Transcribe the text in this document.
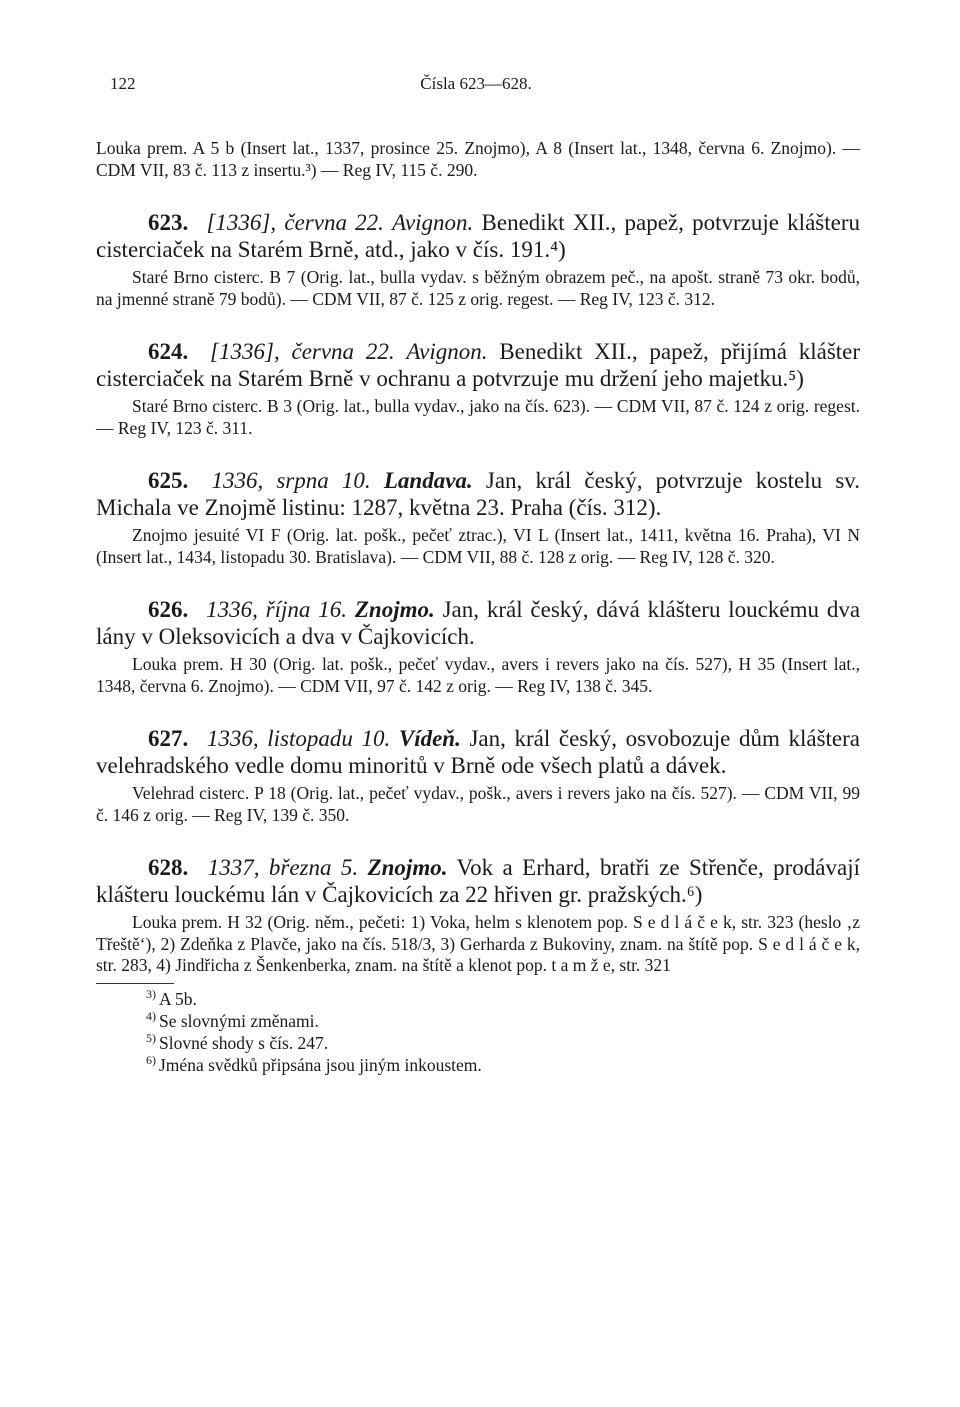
122	Čísla 623—628.
Louka prem. A 5 b (Insert lat., 1337, prosince 25. Znojmo), A 8 (Insert lat., 1348, června 6. Znojmo). — CDM VII, 83 č. 113 z insertu.³) — Reg IV, 115 č. 290.
623. [1336], června 22. Avignon. Benedikt XII., papež, potvrzuje klášteru cisterciaček na Starém Brně, atd., jako v čís. 191.⁴)
Staré Brno cisterc. B 7 (Orig. lat., bulla vydav. s běžným obrazem peč., na apošt. straně 73 okr. bodů, na jmenné straně 79 bodů). — CDM VII, 87 č. 125 z orig. regest. — Reg IV, 123 č. 312.
624. [1336], června 22. Avignon. Benedikt XII., papež, přijímá klášter cisterciaček na Starém Brně v ochranu a potvrzuje mu držení jeho majetku.⁵)
Staré Brno cisterc. B 3 (Orig. lat., bulla vydav., jako na čís. 623). — CDM VII, 87 č. 124 z orig. regest. — Reg IV, 123 č. 311.
625. 1336, srpna 10. Landava. Jan, král český, potvrzuje kostelu sv. Michala ve Znojmě listinu: 1287, května 23. Praha (čís. 312).
Znojmo jesuité VI F (Orig. lat. pošk., pečeť ztrac.), VI L (Insert lat., 1411, května 16. Praha), VI N (Insert lat., 1434, listopadu 30. Bratislava). — CDM VII, 88 č. 128 z orig. — Reg IV, 128 č. 320.
626. 1336, října 16. Znojmo. Jan, král český, dává klášteru louckému dva lány v Oleksovicích a dva v Čajkovicích.
Louka prem. H 30 (Orig. lat. pošk., pečeť vydav., avers i revers jako na čís. 527), H 35 (Insert lat., 1348, června 6. Znojmo). — CDM VII, 97 č. 142 z orig. — Reg IV, 138 č. 345.
627. 1336, listopadu 10. Vídeň. Jan, král český, osvobozuje dům kláštera velehradského vedle domu minoritů v Brně ode všech platů a dávek.
Velehrad cisterc. P 18 (Orig. lat., pečeť vydav., pošk., avers i revers jako na čís. 527). — CDM VII, 99 č. 146 z orig. — Reg IV, 139 č. 350.
628. 1337, března 5. Znojmo. Vok a Erhard, bratři ze Střenče, prodávají klášteru louckému lán v Čajkovicích za 22 hřiven gr. pražských.⁶)
Louka prem. H 32 (Orig. něm., pečeti: 1) Voka, helm s klenotem pop. S e d l á č e k, str. 323 (heslo ‚z Třeště‘), 2) Zdeňka z Plavče, jako na čís. 518/3, 3) Gerharda z Bukoviny, znam. na štítě pop. S e d l á č e k, str. 283, 4) Jindřicha z Šenkenberka, znam. na štítě a klenot pop. t a m ž e, str. 321
$^{3)}$ A 5b.
$^{4)}$ Se slovnými změnami.
$^{5)}$ Slovné shody s čís. 247.
$^{6)}$ Jména svědků připsána jsou jiným inkoustem.
